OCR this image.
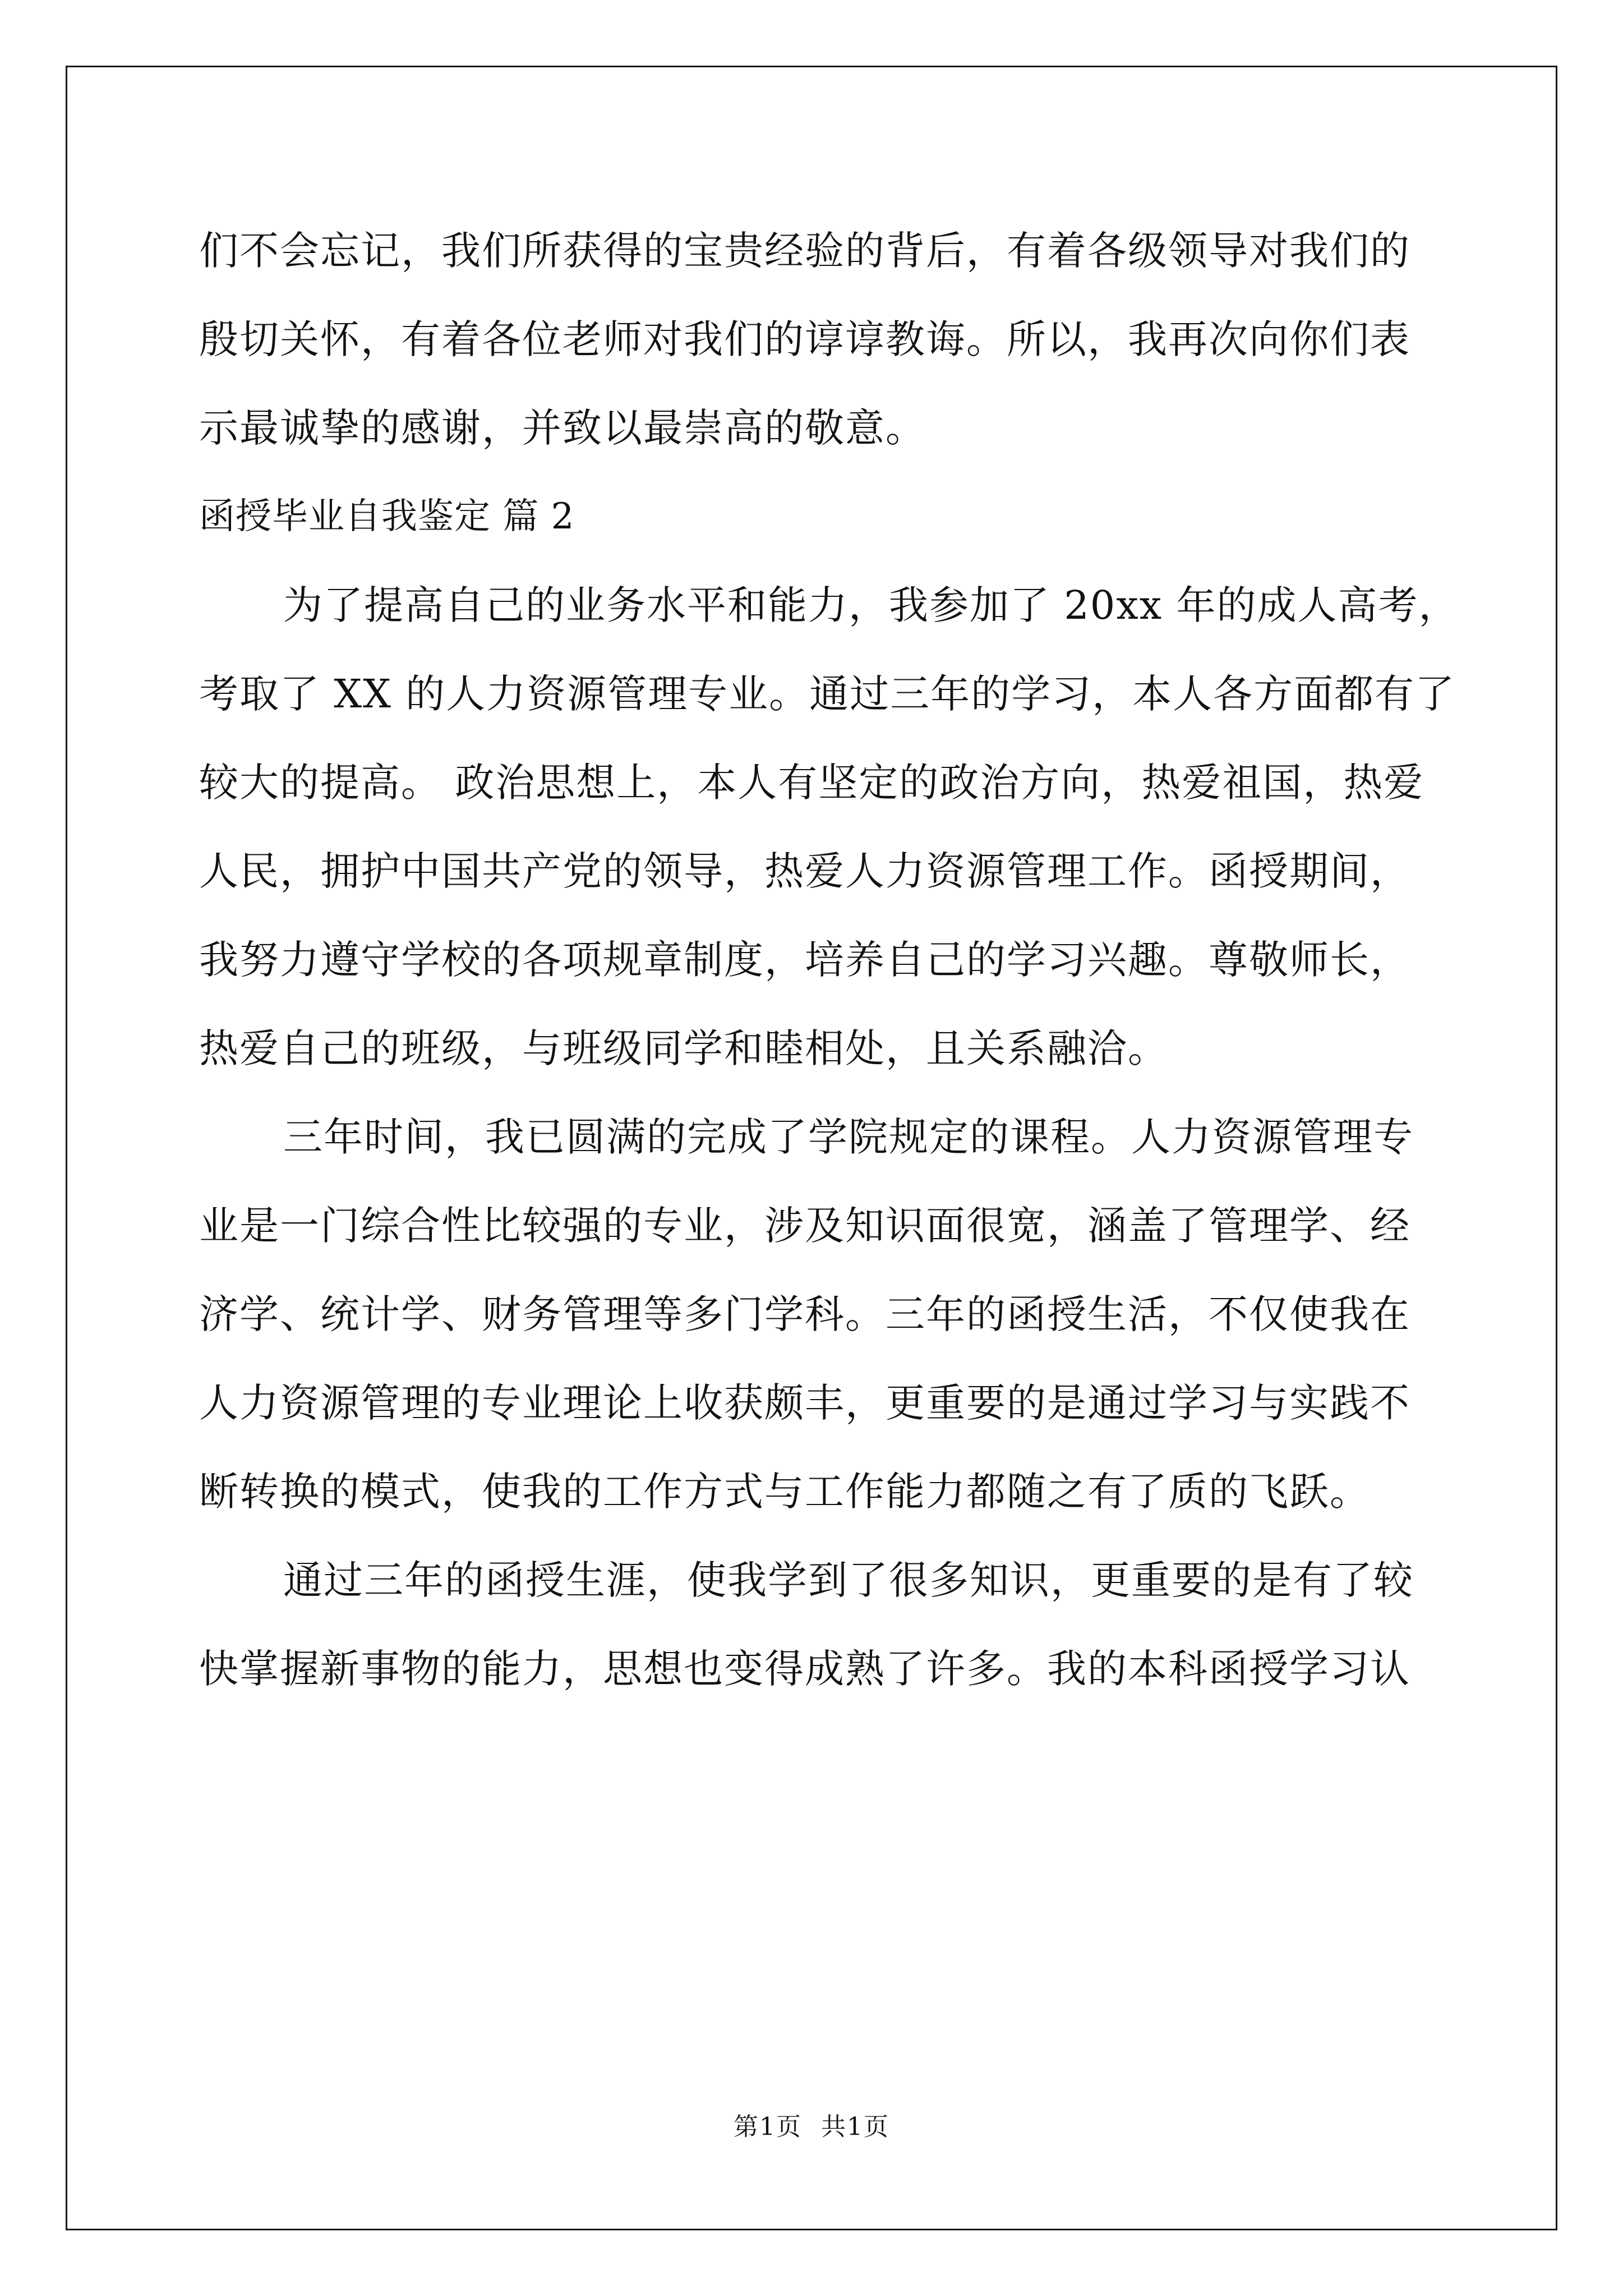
们不会忘记，我们所获得的宝贵经验的背后，有着各级领导对我们的
殷切关怀，有着各位老师对我们的谆谆教诲。所以，我再次向你们表
示最诚挚的感谢，并致以最崇高的敬意。
函授毕业自我鉴定 篇 2
为了提高自己的业务水平和能力，我参加了 20xx 年的成人高考，
考取了 XX 的人力资源管理专业。通过三年的学习，本人各方面都有了
较大的提高。 政治思想上，本人有坚定的政治方向，热爱祖国，热爱
人民，拥护中国共产党的领导，热爱人力资源管理工作。函授期间，
我努力遵守学校的各项规章制度，培养自己的学习兴趣。尊敬师长，
热爱自己的班级，与班级同学和睦相处，且关系融洽。
三年时间，我已圆满的完成了学院规定的课程。人力资源管理专
业是一门综合性比较强的专业，涉及知识面很宽，涵盖了管理学、经
济学、统计学、财务管理等多门学科。三年的函授生活，不仅使我在
人力资源管理的专业理论上收获颇丰，更重要的是通过学习与实践不
断转换的模式，使我的工作方式与工作能力都随之有了质的飞跃。
通过三年的函授生涯，使我学到了很多知识，更重要的是有了较
快掌握新事物的能力，思想也变得成熟了许多。我的本科函授学习认
第1页 共1页
